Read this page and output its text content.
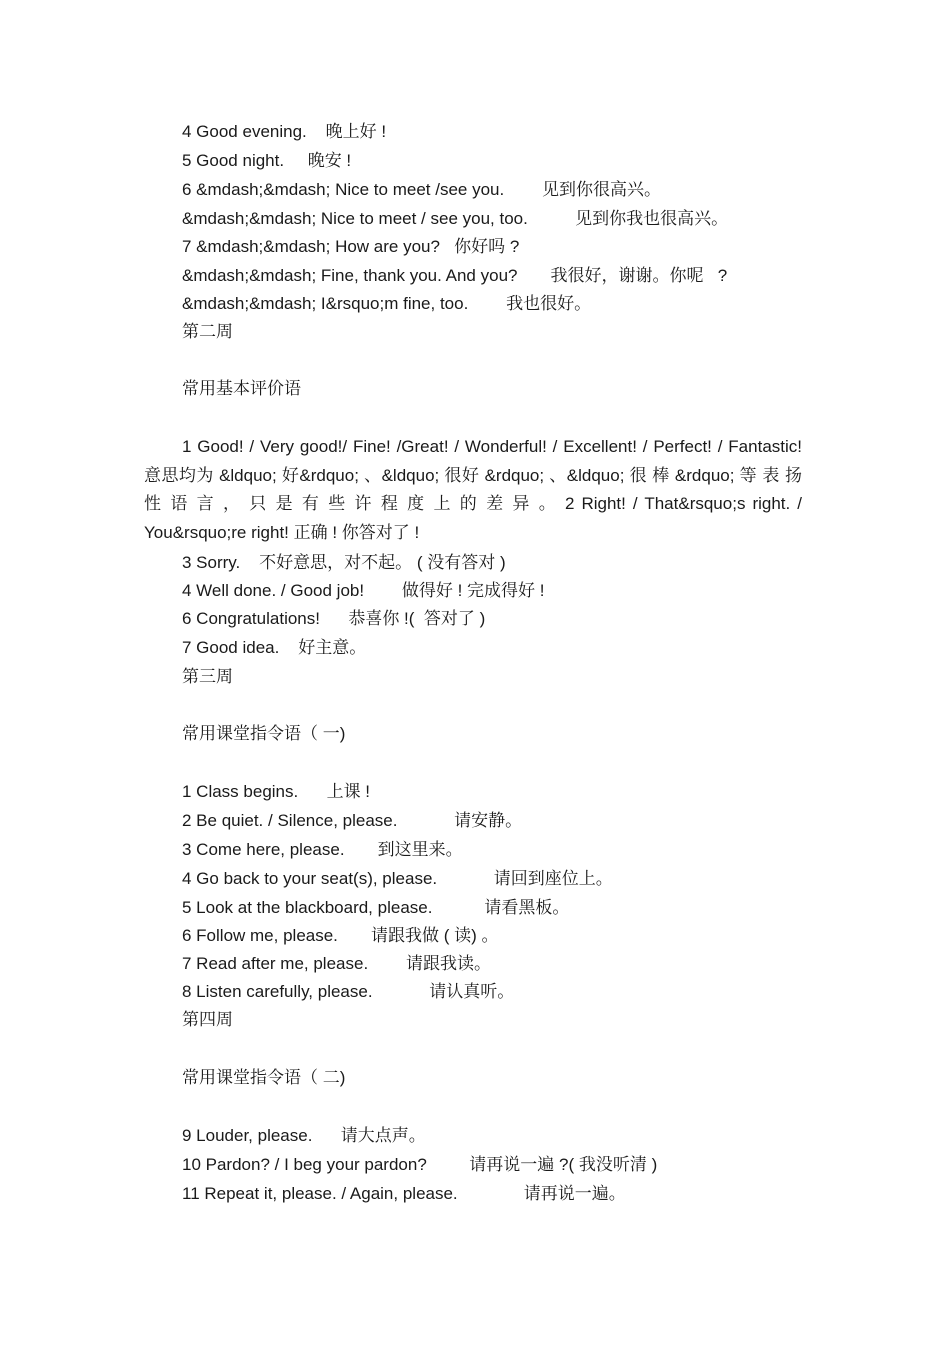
4 Good evening.    晚上好 !

5 Good night.     晚安 !

6 &mdash;&mdash; Nice to meet /see you.        见到你很高兴。

&mdash;&mdash; Nice to meet / see you, too.          见到你我也很高兴。

7 &mdash;&mdash; How are you?   你好吗 ?

&mdash;&mdash; Fine, thank you. And you?       我很好，谢谢。你呢   ?

&mdash;&mdash; I&rsquo;m fine, too.        我也很好。

第二周

常用基本评价语

1 Good! / Very good!/ Fine! /Great! / Wonderful! / Excellent! / Perfect! / Fantastic! 意思均为 &ldquo; 好&rdquo; 、&ldquo; 很好 &rdquo; 、&ldquo; 很 棒 &rdquo; 等 表 扬 性 语 言 ， 只 是 有 些 许 程 度 上 的 差 异 。 2 Right! / That&rsquo;s right. / You&rsquo;re right! 正确 ! 你答对了 !

3 Sorry.    不好意思，对不起。 ( 没有答对 )

4 Well done. / Good job!        做得好 ! 完成得好 !

6 Congratulations!      恭喜你 !(  答对了 )

7 Good idea.    好主意。

第三周

常用课堂指令语（ 一)

1 Class begins.      上课 !

2 Be quiet. / Silence, please.            请安静。

3 Come here, please.       到这里来。

4 Go back to your seat(s), please.            请回到座位上。

5 Look at the blackboard, please.           请看黑板。

6 Follow me, please.       请跟我做 ( 读) 。

7 Read after me, please.        请跟我读。

8 Listen carefully, please.            请认真听。

第四周

常用课堂指令语（ 二)

9 Louder, please.      请大点声。

10 Pardon? / I beg your pardon?         请再说一遍 ?( 我没听清 )

11 Repeat it, please. / Again, please.              请再说一遍。
